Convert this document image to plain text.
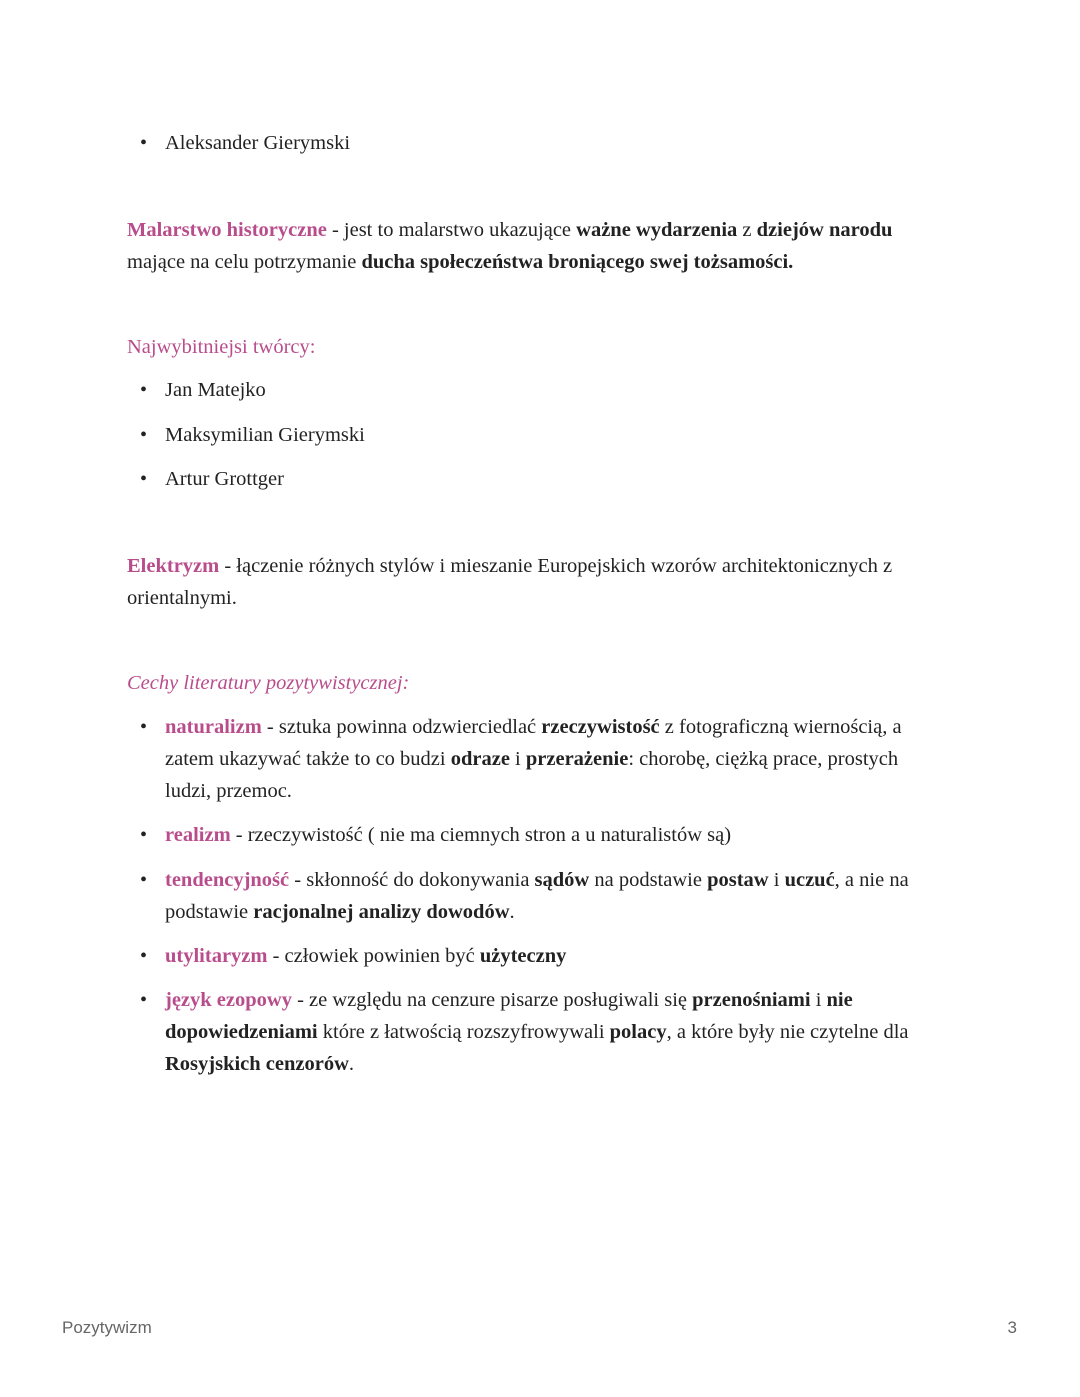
• Aleksander Gierymski
Malarstwo historyczne - jest to malarstwo ukazujące ważne wydarzenia z dziejów narodu
mające na celu potrzymanie ducha społeczeństwa broniącego swej tożsamości.
Najwybitniejsi twórcy:
• Jan Matejko
• Maksymilian Gierymski
• Artur Grottger
Elektryzm - łączenie różnych stylów i mieszanie Europejskich wzorów architektonicznych z
orientalnymi.
Cechy literatury pozytywistycznej:
• naturalizm - sztuka powinna odzwierciedlać rzeczywistość z fotograficzną wiernością, a
zatem ukazywać także to co budzi odraze i przerażenie: chorobę, ciężką prace, prostych
ludzi, przemoc.
• realizm - rzeczywistość ( nie ma ciemnych stron a u naturalistów są)
• tendencyjność - skłonność do dokonywania sądów na podstawie postaw i uczuć, a nie na
podstawie racjonalnej analizy dowodów.
• utylitaryzm - człowiek powinien być użyteczny
• język ezopowy - ze względu na cenzure pisarze posługiwali się przenośniami i nie
dopowiedzeniami które z łatwością rozszyfrowywali polacy, a które były nie czytelne dla
Rosyjskich cenzorów.
Pozytywizm	3
